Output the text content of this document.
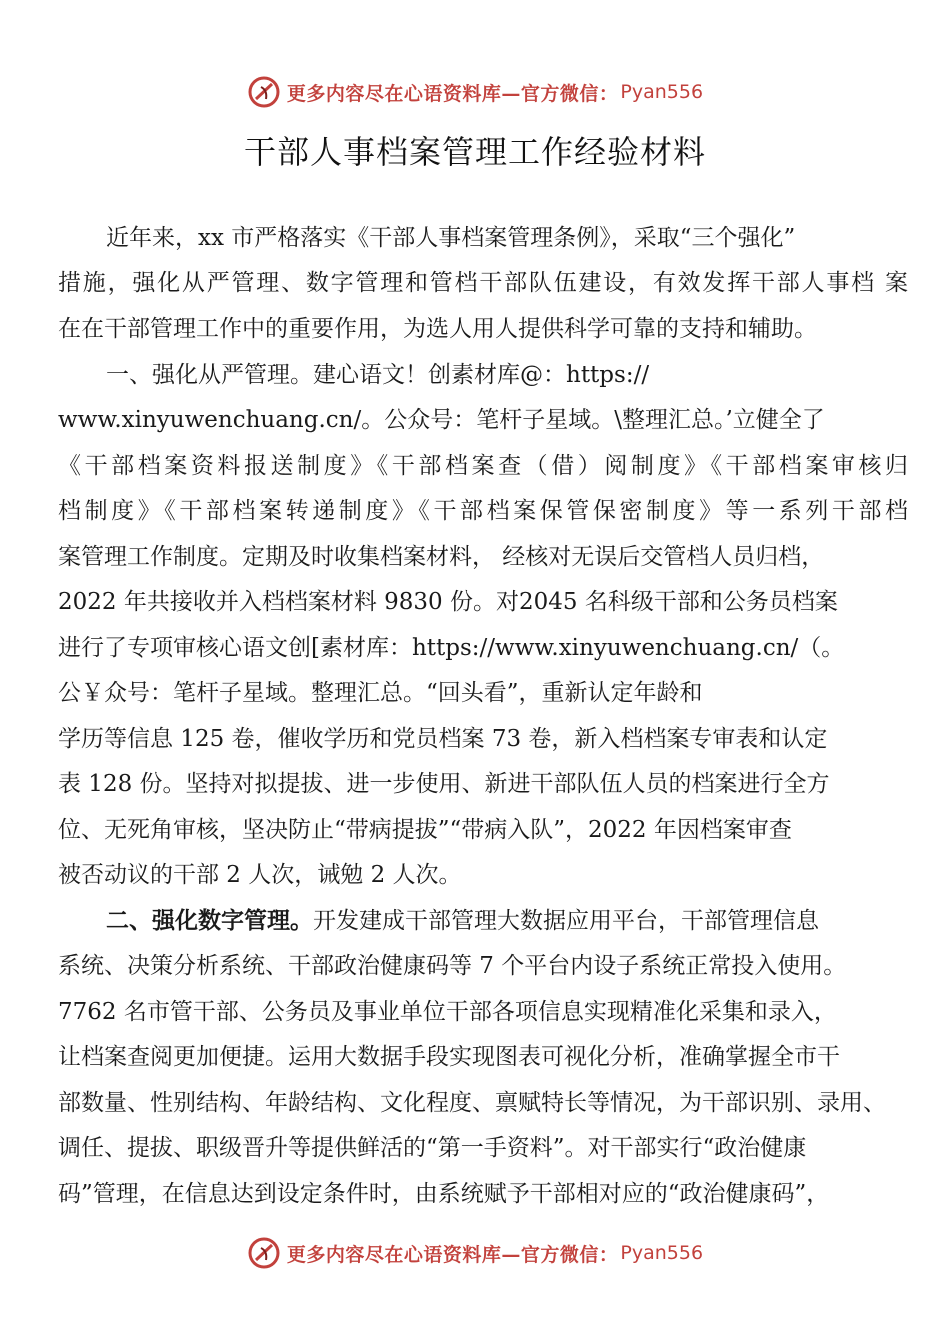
更多内容尽在心语资料库—官方微信： Pyan556
干部人事档案管理工作经验材料
近年来，xx 市严格落实《干部人事档案管理条例》，采取“三个强化”
措施，强化从严管理、数字管理和管档干部队伍建设，有效发挥干部人事档 案
在在干部管理工作中的重要作用，为选人用人提供科学可靠的支持和辅助。
一、强化从严管理。建心语文！创素材库@：https://
www.xinyuwenchuang.cn/。公众号：笔杆子星域。\整理汇总。’立健全了
《干部档案资料报送制度》《干部档案查（借）阅制度》《干部档案审核归
档制度》《干部档案转递制度》《干部档案保管保密制度》等一系列干部档
案管理工作制度。定期及时收集档案材料， 经核对无误后交管档人员归档，
2022 年共接收并入档档案材料 9830 份。对2045 名科级干部和公务员档案
进行了专项审核心语文创[素材库：https://www.xinyuwenchuang.cn/（。
公￥众号：笔杆子星域。整理汇总。“回头看”，重新认定年龄和
学历等信息 125 卷，催收学历和党员档案 73 卷，新入档档案专审表和认定
表 128 份。坚持对拟提拔、进一步使用、新进干部队伍人员的档案进行全方
位、无死角审核，坚决防止“带病提拔”“带病入队”，2022 年因档案审查
被否动议的干部 2 人次，诫勉 2 人次。
二、强化数字管理。开发建成干部管理大数据应用平台，干部管理信息
系统、决策分析系统、干部政治健康码等 7 个平台内设子系统正常投入使用。
7762 名市管干部、公务员及事业单位干部各项信息实现精准化采集和录入，
让档案查阅更加便捷。运用大数据手段实现图表可视化分析，准确掌握全市干
部数量、性别结构、年龄结构、文化程度、禀赋特长等情况，为干部识别、录用、
调任、提拔、职级晋升等提供鲜活的“第一手资料”。对干部实行“政治健康
码”管理，在信息达到设定条件时，由系统赋予干部相对应的“政治健康码”，
更多内容尽在心语资料库—官方微信： Pyan556
